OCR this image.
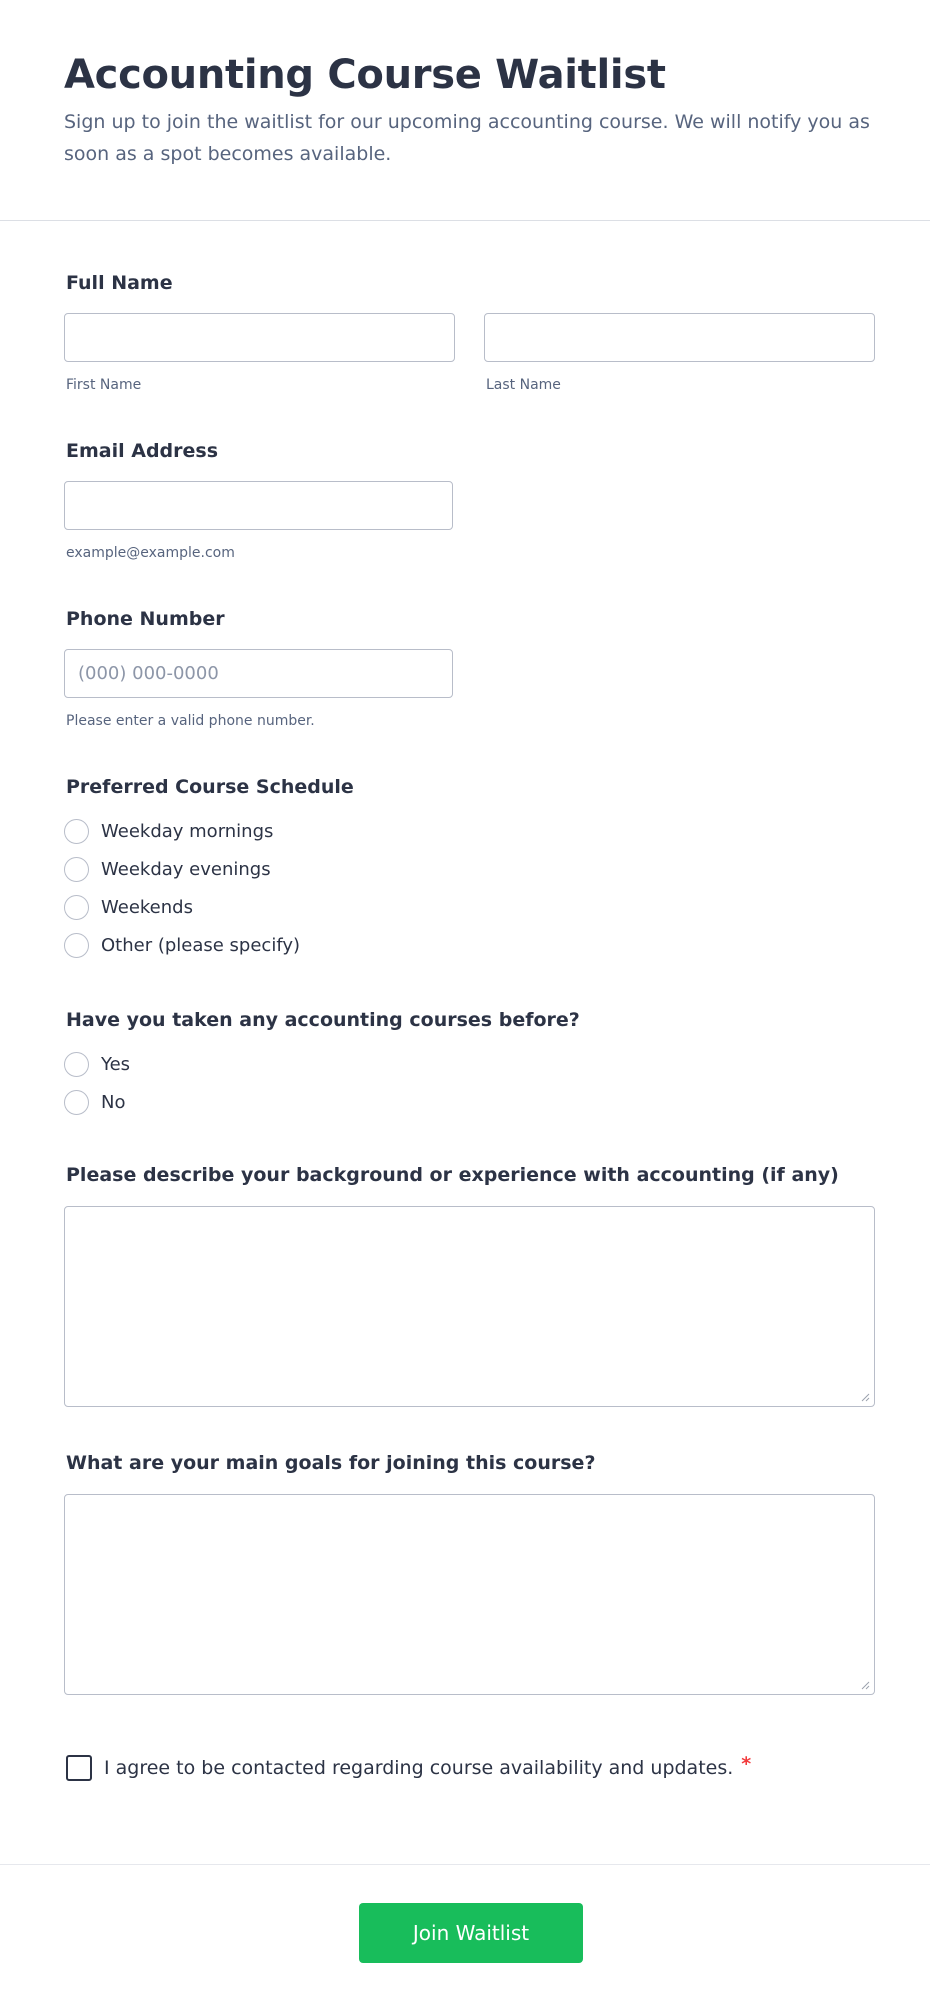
Accounting Course Waitlist

Sign up to join the waitlist for our upcoming accounting course. We will notify you as soon as a spot becomes available.

Full Name
First Name	Last Name
Email Address
example@example.com
Phone Number
(000) 000-0000
Please enter a valid phone number.
Preferred Course Schedule
Weekday mornings
Weekday evenings
Weekends
Other (please specify)
Have you taken any accounting courses before?
Yes
No
Please describe your background or experience with accounting (if any)
What are your main goals for joining this course?
I agree to be contacted regarding course availability and updates. *
Join Waitlist
